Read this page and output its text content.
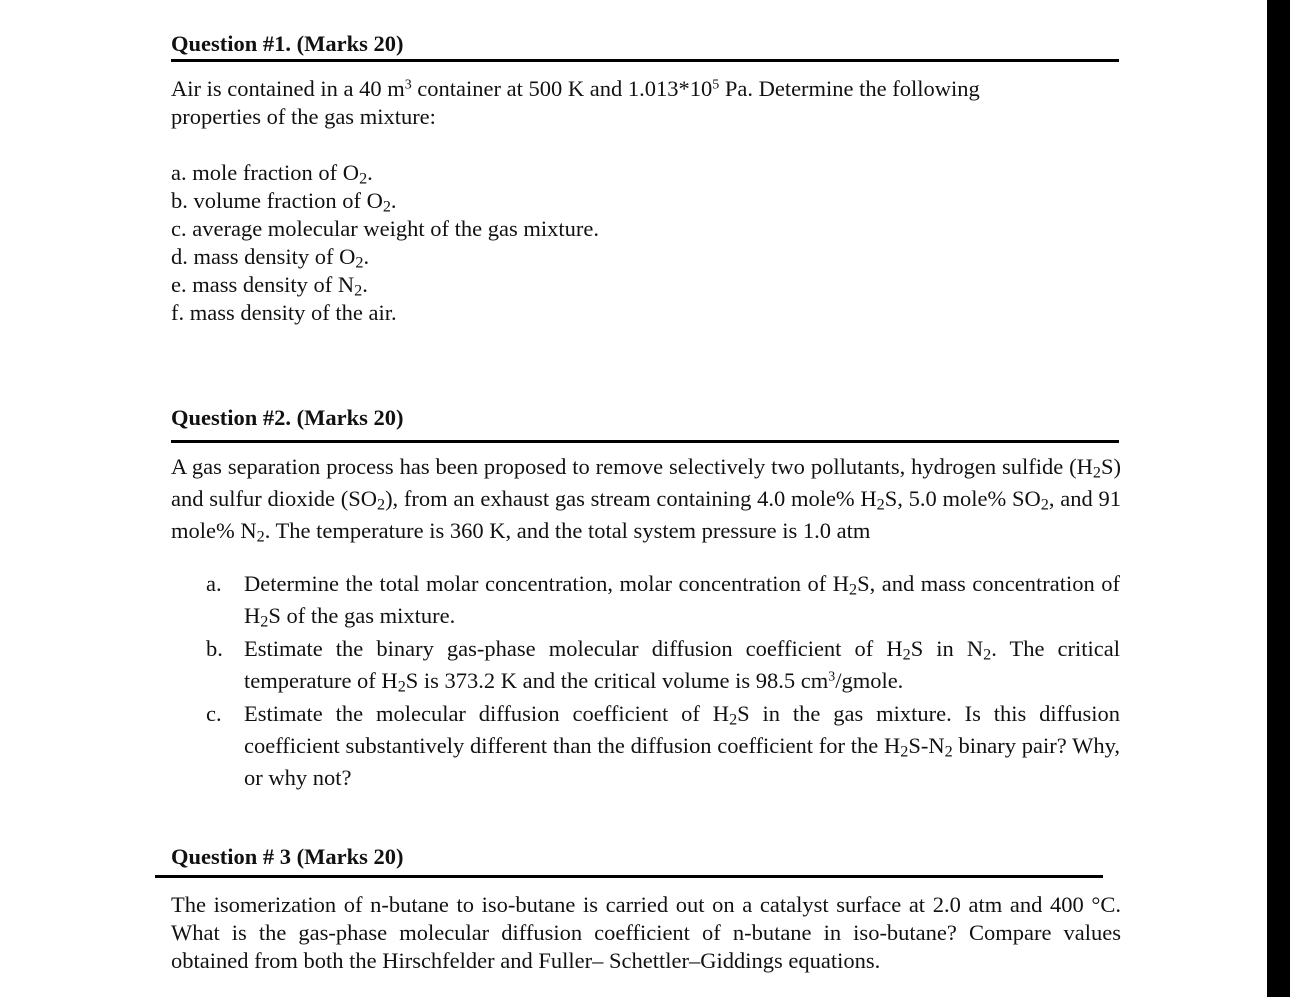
Question #1. (Marks 20)
Air is contained in a 40 $m^3$ container at 500 K and $1.013*10^5$ Pa. Determine the following properties of the gas mixture:
a. mole fraction of $O_2$.
b. volume fraction of $O_2$.
c. average molecular weight of the gas mixture.
d. mass density of $O_2$.
e. mass density of $N_2$.
f. mass density of the air.
Question #2. (Marks 20)
A gas separation process has been proposed to remove selectively two pollutants, hydrogen sulfide $(H_2S)$ and sulfur dioxide $(SO_2)$, from an exhaust gas stream containing 4.0 mole% $H_2S$, 5.0 mole% $SO_2$, and 91 mole% $N_2$. The temperature is 360 K, and the total system pressure is 1.0 atm
a. Determine the total molar concentration, molar concentration of $H_2S$, and mass concentration of $H_2S$ of the gas mixture.
b. Estimate the binary gas-phase molecular diffusion coefficient of $H_2S$ in $N_2$. The critical temperature of $H_2S$ is 373.2 K and the critical volume is 98.5 $cm^3$/gmole.
c. Estimate the molecular diffusion coefficient of $H_2S$ in the gas mixture. Is this diffusion coefficient substantively different than the diffusion coefficient for the $H_2S-N_2$ binary pair? Why, or why not?
Question # 3 (Marks 20)
The isomerization of n-butane to iso-butane is carried out on a catalyst surface at 2.0 atm and 400 °C. What is the gas-phase molecular diffusion coefficient of n-butane in iso-butane? Compare values obtained from both the Hirschfelder and Fuller– Schettler–Giddings equations.
